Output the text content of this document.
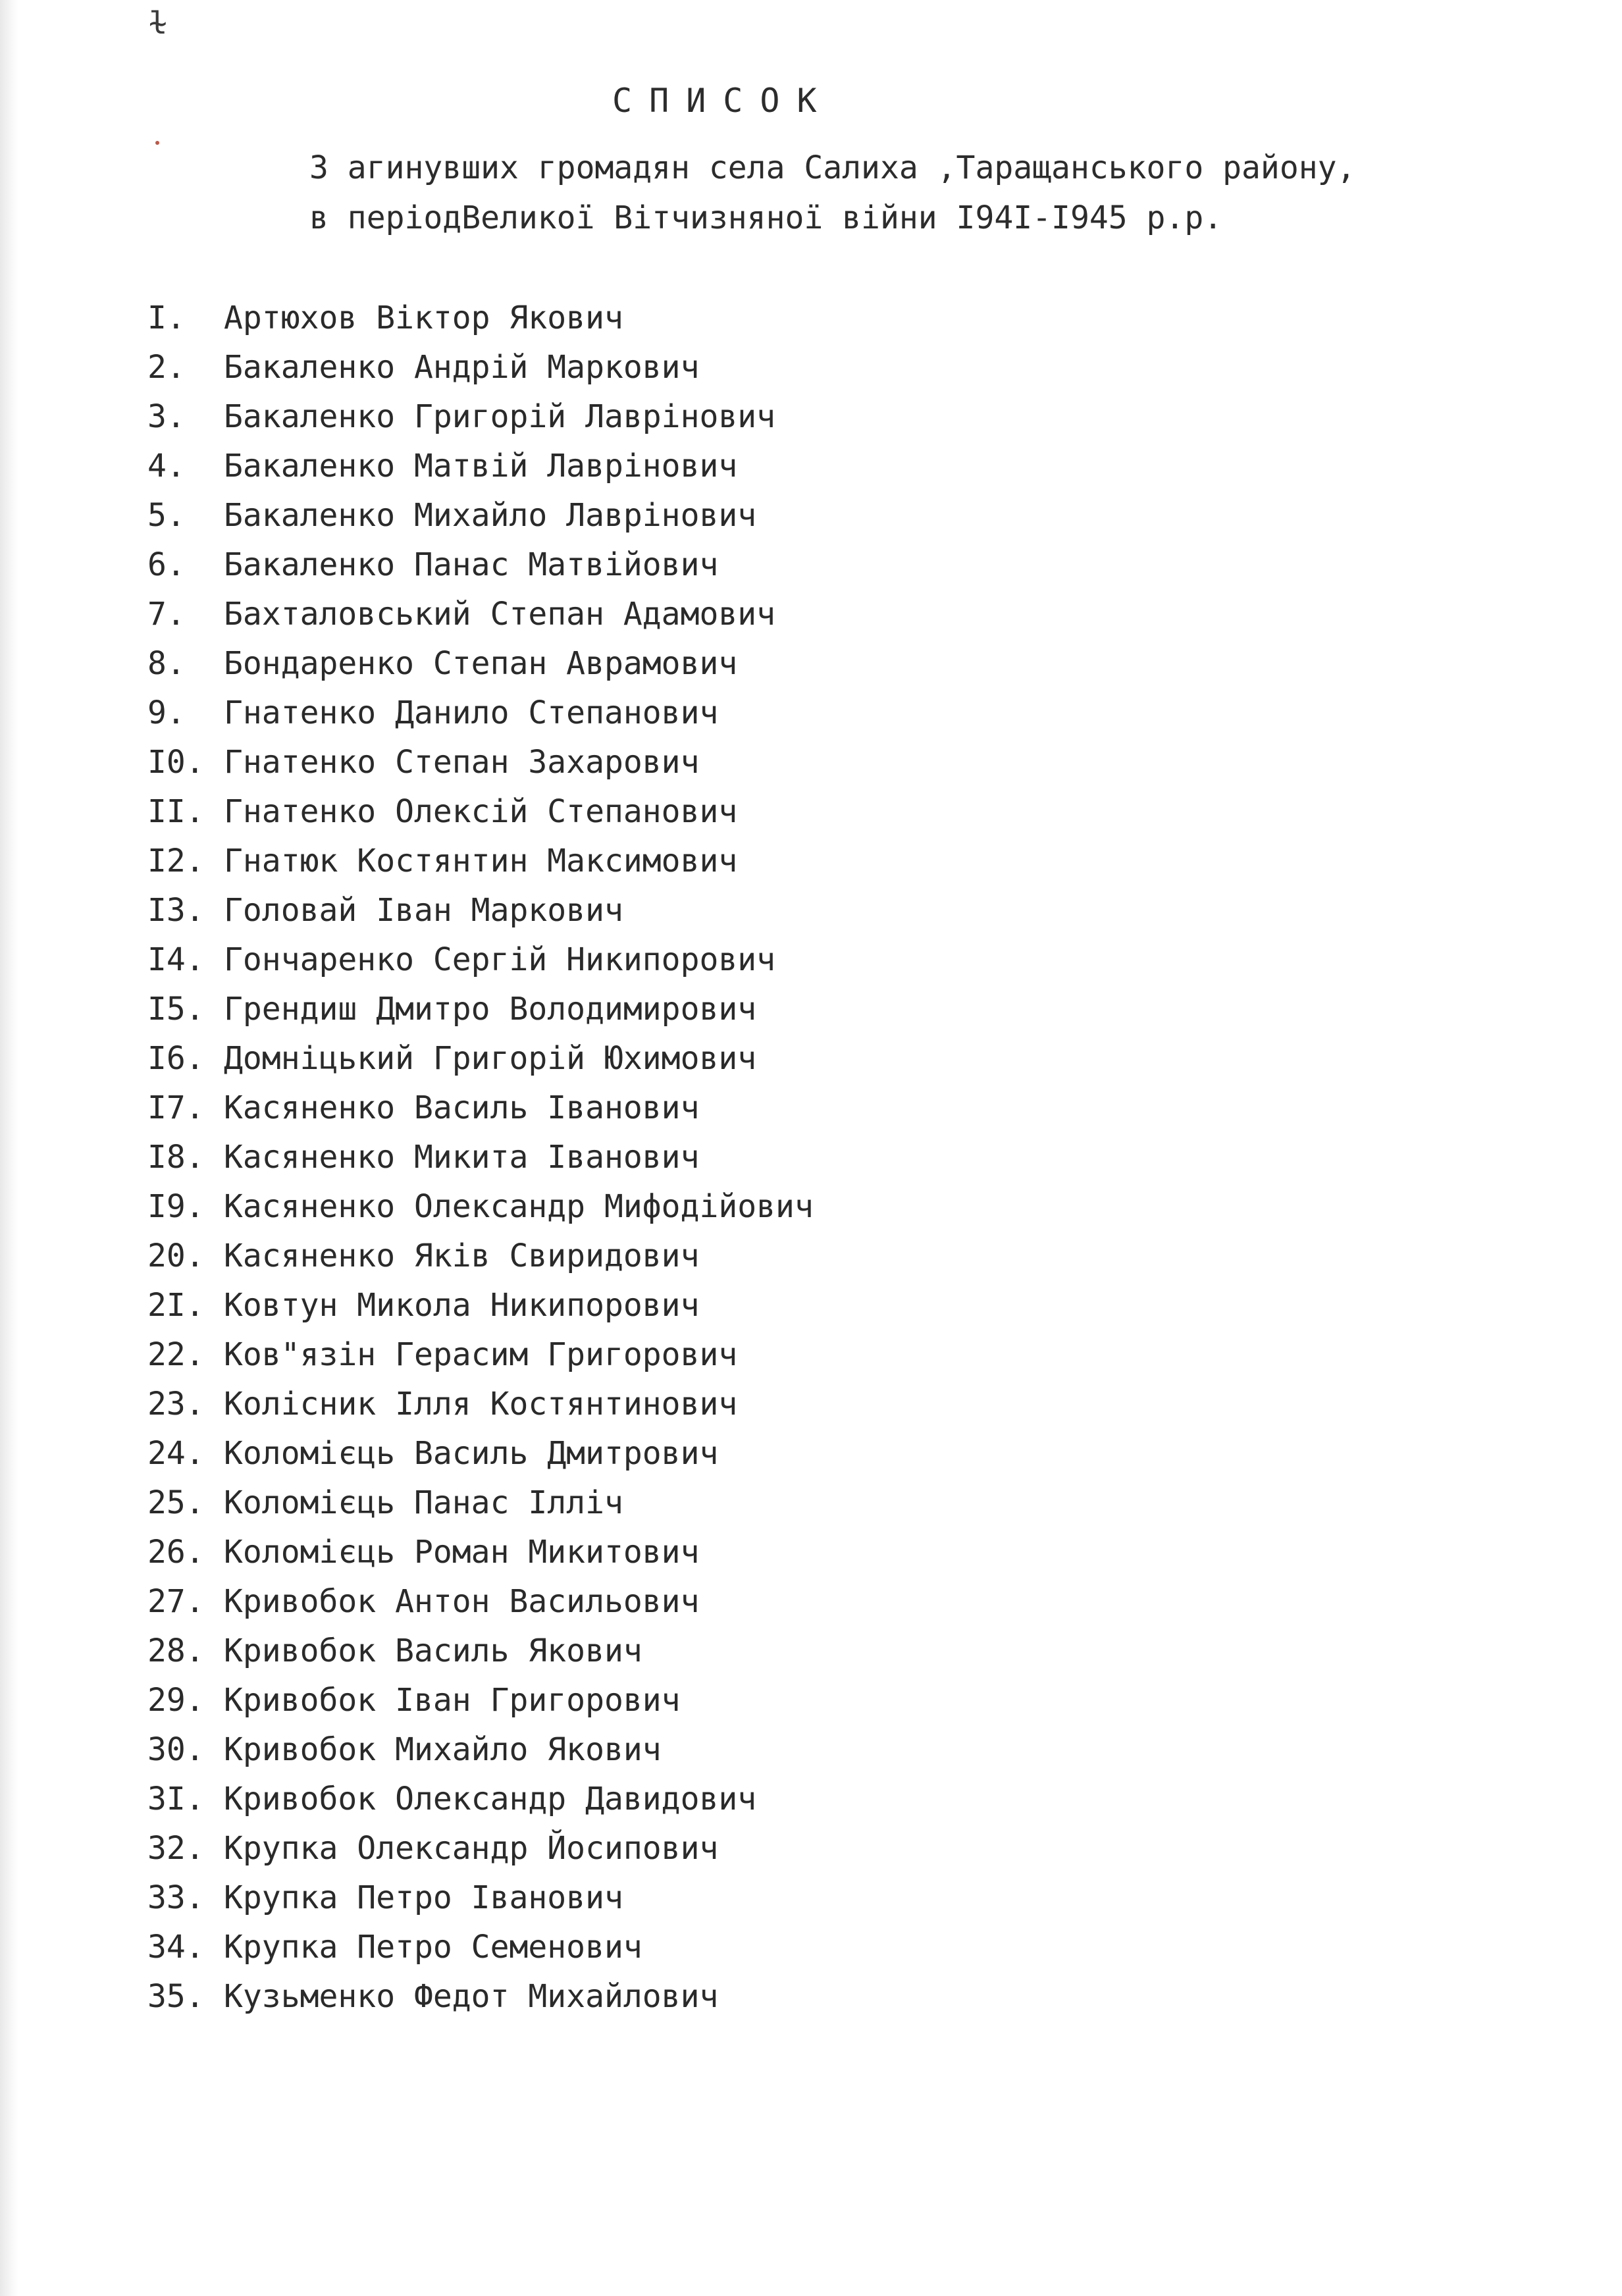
ɫ
СПИСОК
З агинувших громадян села Салиха ,Таращанського району,
в періодВеликої Вітчизняної війни І94І-І945 р.р.
І. Артюхов Віктор Якович
2. Бакаленко Андрій Маркович
3. Бакаленко Григорій Лаврінович
4. Бакаленко Матвій Лаврінович
5. Бакаленко Михайло Лаврінович
6. Бакаленко Панас Матвійович
7. Бахталовський Степан Адамович
8. Бондаренко Степан Аврамович
9. Гнатенко Данило Степанович
І0. Гнатенко Степан Захарович
ІІ. Гнатенко Олексій Степанович
І2. Гнатюк Костянтин Максимович
І3. Головай Іван Маркович
І4. Гончаренко Сергій Никипорович
І5. Грендиш Дмитро Володимирович
І6. Домніцький Григорій Юхимович
І7. Касяненко Василь Іванович
І8. Касяненко Микита Іванович
І9. Касяненко Олександр Мифодійович
20. Касяненко Яків Свиридович
2І. Ковтун Микола Никипорович
22. Ков"язін Герасим Григорович
23. Колісник Ілля Костянтинович
24. Коломієць Василь Дмитрович
25. Коломієць Панас Ілліч
26. Коломієць Роман Микитович
27. Кривобок Антон Васильович
28. Кривобок Василь Якович
29. Кривобок Іван Григорович
30. Кривобок Михайло Якович
3І. Кривобок Олександр Давидович
32. Крупка Олександр Йосипович
33. Крупка Петро Іванович
34. Крупка Петро Семенович
35. Кузьменко Федот Михайлович
